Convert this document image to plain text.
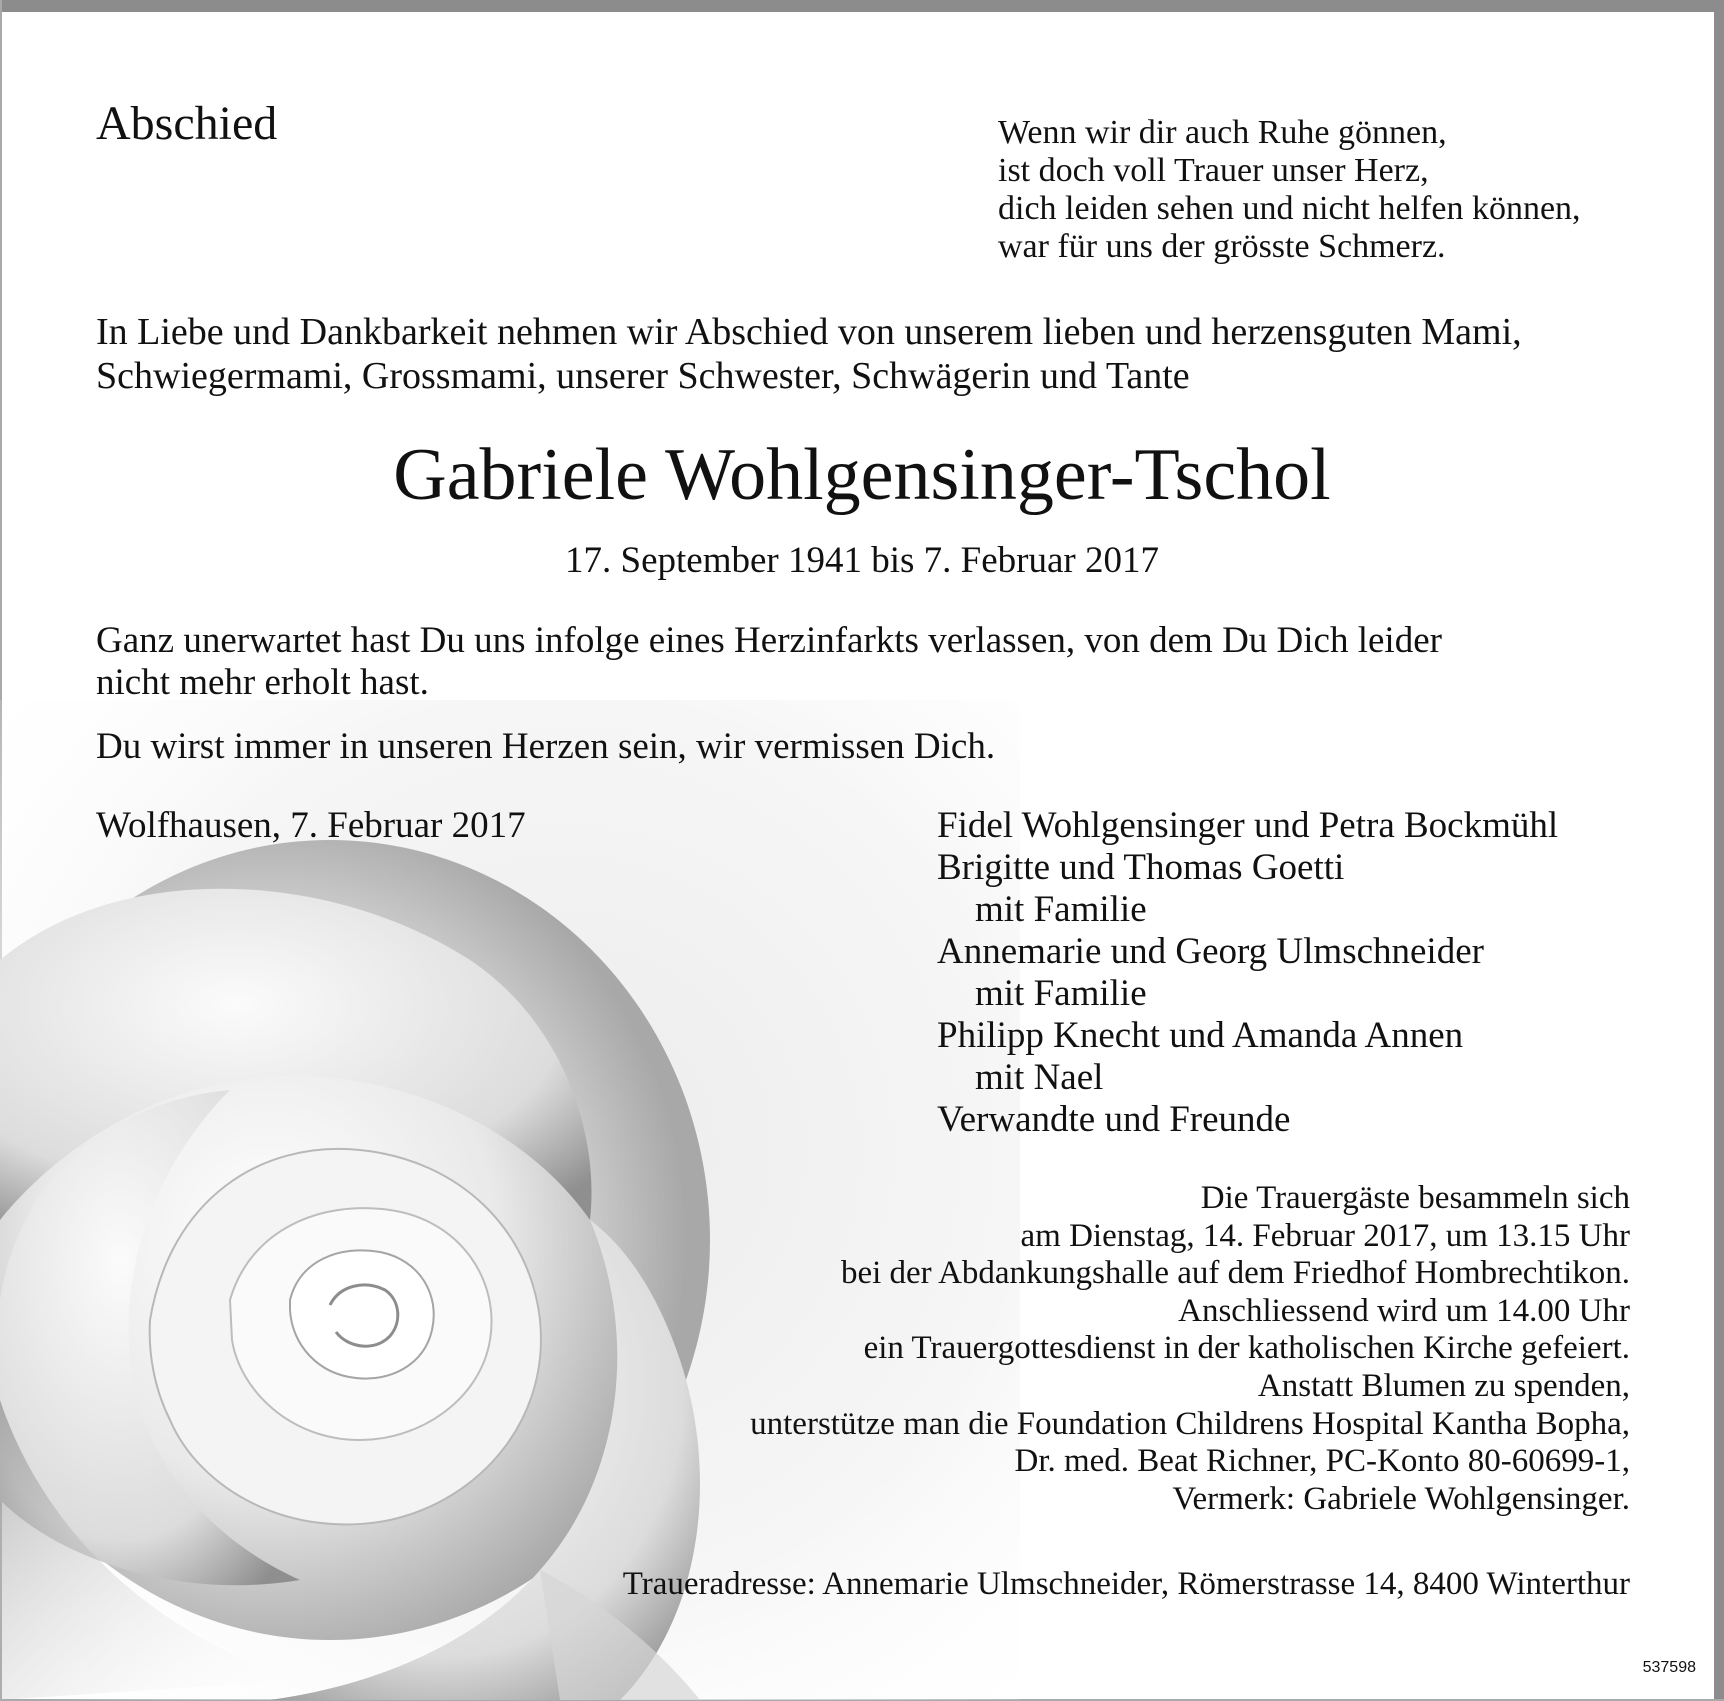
Abschied	Wenn wir dir auch Ruhe gönnen,
ist doch voll Trauer unser Herz,
dich leiden sehen und nicht helfen können,
war für uns der grösste Schmerz.
In Liebe und Dankbarkeit nehmen wir Abschied von unserem lieben und herzensguten Mami,
Schwiegermami, Grossmami, unserer Schwester, Schwägerin und Tante
Gabriele Wohlgensinger-Tschol
17. September 1941 bis 7. Februar 2017
Ganz unerwartet hast Du uns infolge eines Herzinfarkts verlassen, von dem Du Dich leider
nicht mehr erholt hast.
Du wirst immer in unseren Herzen sein, wir vermissen Dich.
Wolfhausen, 7. Februar 2017	Fidel Wohlgensinger und Petra Bockmühl
Brigitte und Thomas Goetti
mit Familie
Annemarie und Georg Ulmschneider
mit Familie
Philipp Knecht und Amanda Annen
mit Nael
Verwandte und Freunde
Die Trauergäste besammeln sich
am Dienstag, 14. Februar 2017, um 13.15 Uhr
bei der Abdankungshalle auf dem Friedhof Hombrechtikon.
Anschliessend wird um 14.00 Uhr
ein Trauergottesdienst in der katholischen Kirche gefeiert.
Anstatt Blumen zu spenden,
unterstütze man die Foundation Childrens Hospital Kantha Bopha,
Dr. med. Beat Richner, PC-Konto 80-60699-1,
Vermerk: Gabriele Wohlgensinger.
Traueradresse: Annemarie Ulmschneider, Römerstrasse 14, 8400 Winterthur
537598
